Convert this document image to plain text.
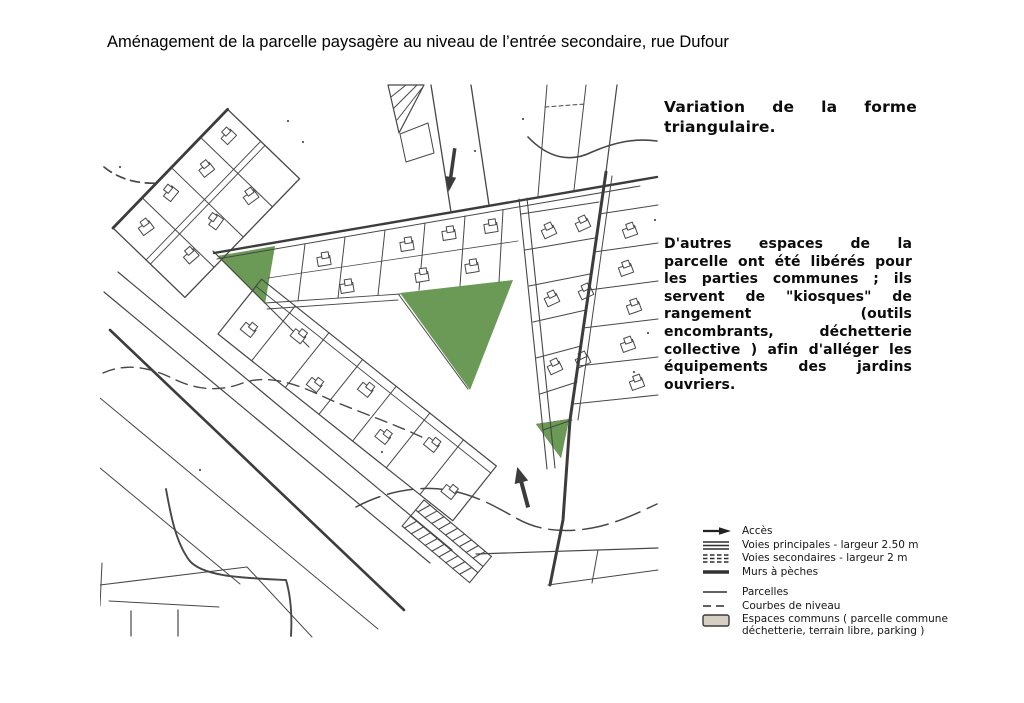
Aménagement de la parcelle paysagère au niveau de l’entrée secondaire, rue Dufour
Variation de la forme triangulaire.
D'autres espaces de la parcelle ont été libérés pour les parties communes ; ils servent de "kiosques" de rangement (outils encombrants, déchetterie collective ) afin d'alléger les équipements des jardins ouvriers.
Accès
Voies principales - largeur 2.50 m
Voies secondaires - largeur 2 m
Murs à pèches
Parcelles
Courbes de niveau
Espaces communs ( parcelle commune déchetterie, terrain libre, parking )
